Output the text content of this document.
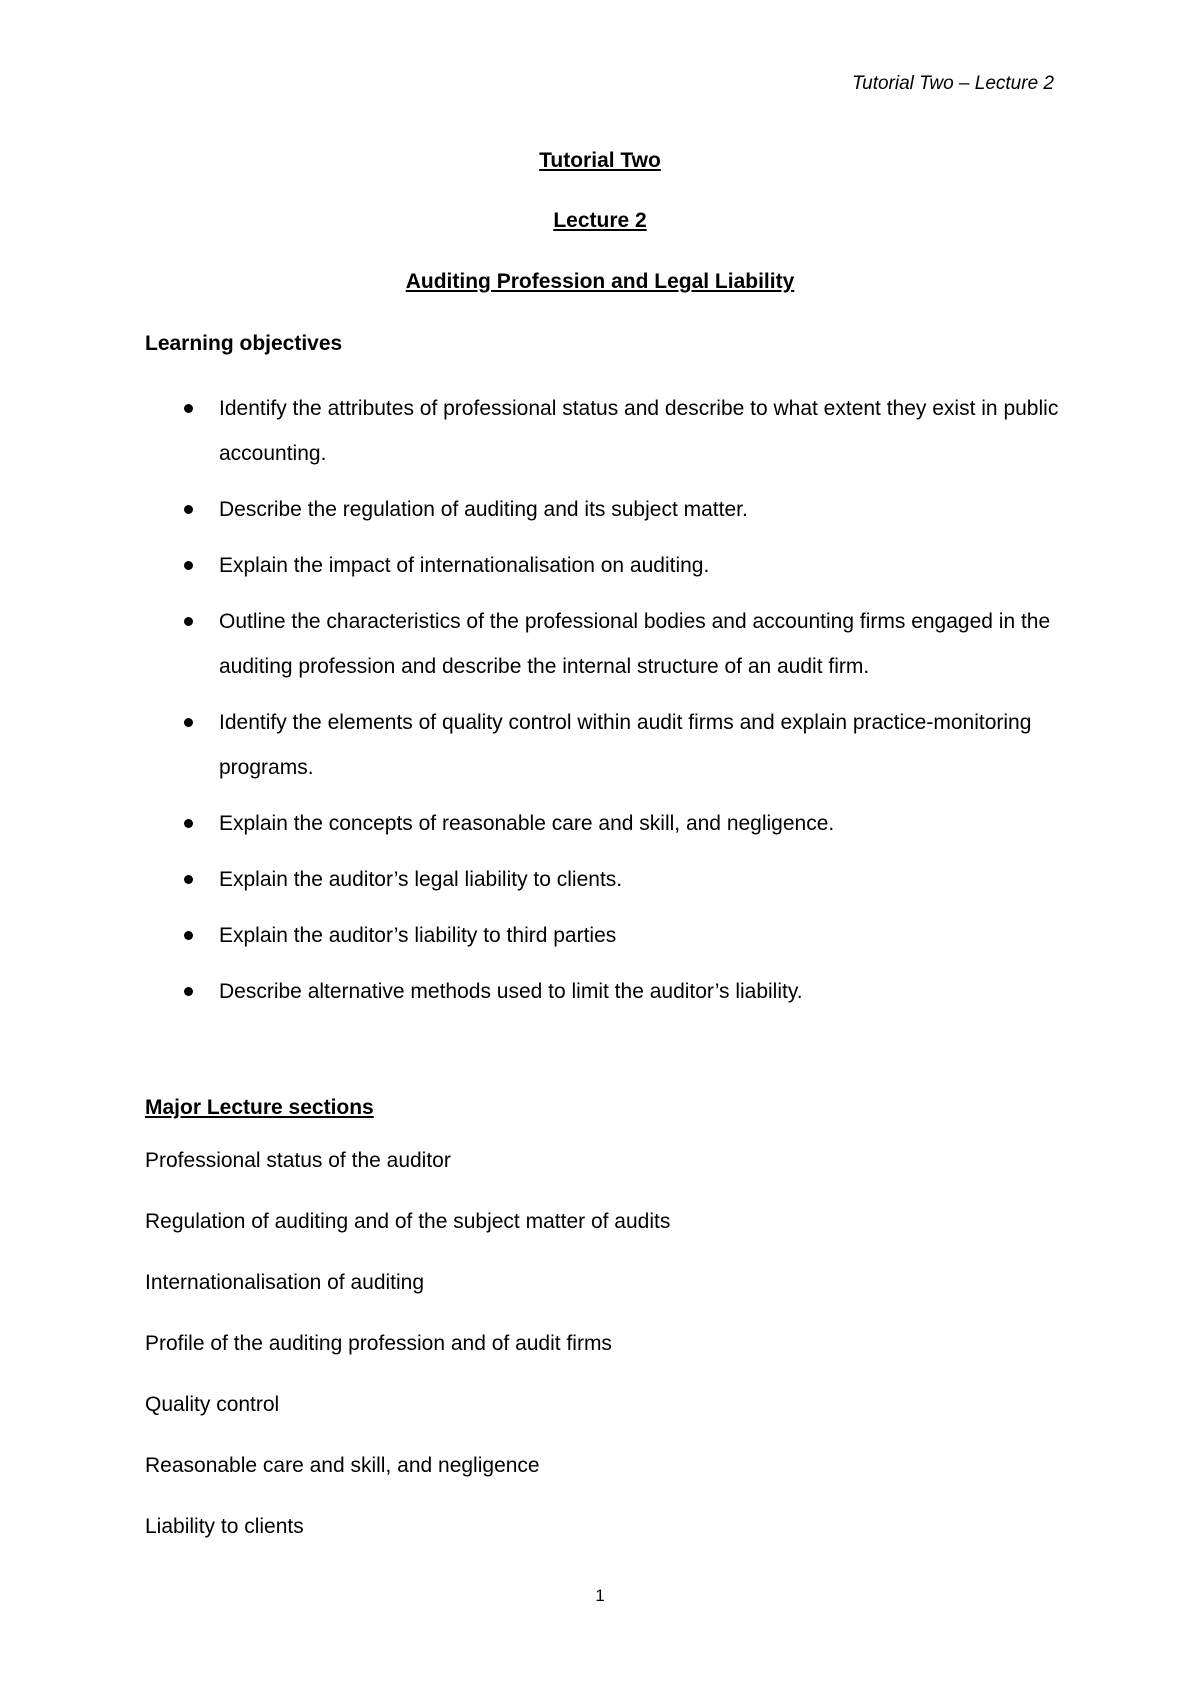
Tutorial Two – Lecture 2
Tutorial Two
Lecture 2
Auditing Profession and Legal Liability
Learning objectives
Identify the attributes of professional status and describe to what extent they exist in public accounting.
Describe the regulation of auditing and its subject matter.
Explain the impact of internationalisation on auditing.
Outline the characteristics of the professional bodies and accounting firms engaged in the auditing profession and describe the internal structure of an audit firm.
Identify the elements of quality control within audit firms and explain practice-monitoring programs.
Explain the concepts of reasonable care and skill, and negligence.
Explain the auditor’s legal liability to clients.
Explain the auditor’s liability to third parties
Describe alternative methods used to limit the auditor’s liability.
Major Lecture sections
Professional status of the auditor
Regulation of auditing and of the subject matter of audits
Internationalisation of auditing
Profile of the auditing profession and of audit firms
Quality control
Reasonable care and skill, and negligence
Liability to clients
1
